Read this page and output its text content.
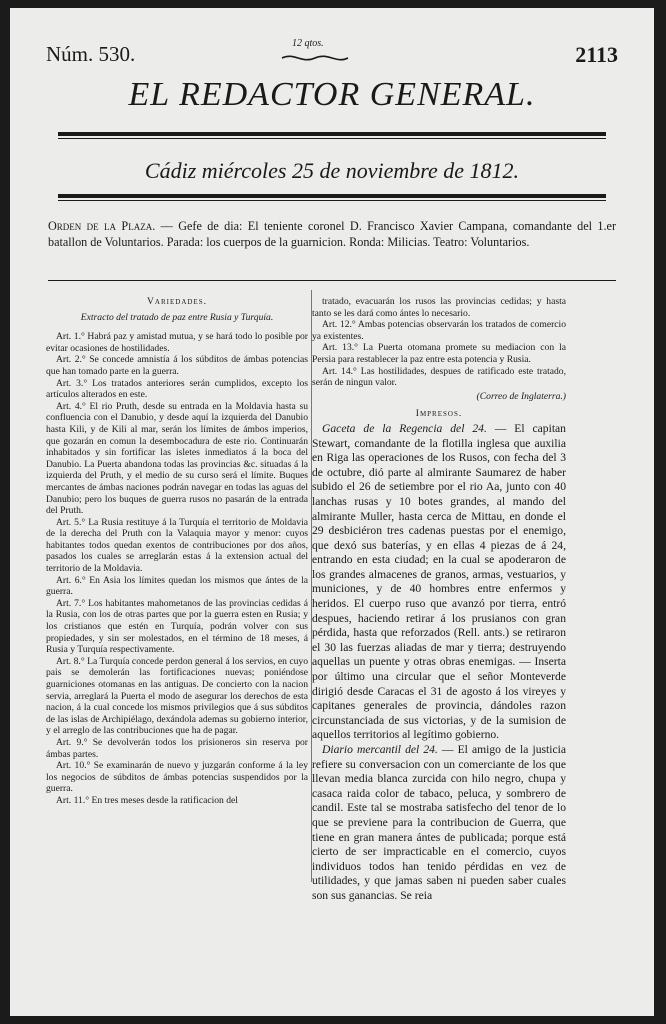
Núm. 530.	12 qtos.	2113
EL REDACTOR GENERAL.
Cádiz miércoles 25 de noviembre de 1812.
Orden de la Plaza. — Gefe de dia: El teniente coronel D. Francisco Xavier Campana, comandante del 1.er batallon de Voluntarios. Parada: los cuerpos de la guarnicion. Ronda: Milicias. Teatro: Voluntarios.
Variedades.
Extracto del tratado de paz entre Rusia y Turquía.
Art. 1.° Habrá paz y amistad mutua, y se hará todo lo posible por evitar ocasiones de hostilidades.
Art. 2.° Se concede amnistía á los súbditos de ámbas potencias que han tomado parte en la guerra.
Art. 3.° Los tratados anteriores serán cumplidos, excepto los artículos alterados en este.
Art. 4.° El rio Pruth, desde su entrada en la Moldavia hasta su confluencia con el Danubio, y desde aquí la izquierda del Danubio hasta Kili, y de Kili al mar, serán los límites de ámbos imperios, que gozarán en comun la desembocadura de este rio. Continuarán inhabitados y sin fortificar las isletes inmediatos á la boca del Danubio. La Puerta abandona todas las provincias &c. situadas á la izquierda del Pruth, y el medio de su curso será el límite. Buques mercantes de ámbas naciones podrán navegar en todas las aguas del Danubio; pero los buques de guerra rusos no pasarán de la entrada del Pruth.
Art. 5.° La Rusia restituye á la Turquía el territorio de Moldavia de la derecha del Pruth con la Valaquia mayor y menor: cuyos habitantes todos quedan exentos de contribuciones por dos años, pasados los cuales se arreglarán estas á la extension actual del territorio de la Moldavia.
Art. 6.° En Asia los límites quedan los mismos que ántes de la guerra.
Art. 7.° Los habitantes mahometanos de las provincias cedidas á la Rusia, con los de otras partes que por la guerra esten en Rusia; y los cristianos que estén en Turquía, podrán volver con sus propiedades, y sin ser molestados, en el término de 18 meses, á Rusia y Turquía respectivamente.
Art. 8.° La Turquía concede perdon general á los servios, en cuyo pais se demolerán las fortificaciones nuevas; poniéndose guarniciones otomanas en las antiguas. De concierto con la nacion servia, arreglará la Puerta el modo de asegurar los derechos de esta nacion, á la cual concede los mismos privilegios que á sus súbditos de las islas de Archipiélago, dexándola ademas su gobierno interior, y el arreglo de las contribuciones que ha de pagar.
Art. 9.° Se devolverán todos los prisioneros sin reserva por ámbas partes.
Art. 10.° Se examinarán de nuevo y juzgarán conforme á la ley los negocios de súbditos de ámbas potencias suspendidos por la guerra.
Art. 11.° En tres meses desde la ratificacion del
tratado, evacuarán los rusos las provincias cedidas; y hasta tanto se les dará como ántes lo necesario.
Art. 12.° Ambas potencias observarán los tratados de comercio ya existentes.
Art. 13.° La Puerta otomana promete su mediacion con la Persia para restablecer la paz entre esta potencia y Rusia.
Art. 14.° Las hostilidades, despues de ratificado este tratado, serán de ningun valor.
(Correo de Inglaterra.)
Impresos.
Gaceta de la Regencia del 24. — El capitan Stewart, comandante de la flotilla inglesa que auxilia en Riga las operaciones de los Rusos, con fecha del 3 de octubre, dió parte al almirante Saumarez de haber subido el 26 de setiembre por el rio Aa, junto con 40 lanchas rusas y 10 botes grandes, al mando del almirante Muller, hasta cerca de Mittau, en donde el 29 desbiciéron tres cadenas puestas por el enemigo, que dexó sus baterías, y en ellas 4 piezas de á 24, entrando en esta ciudad; en la cual se apoderaron de los grandes almacenes de granos, armas, vestuarios, y municiones, y de 40 hombres entre enfermos y heridos. El cuerpo ruso que avanzó por tierra, entró despues, haciendo retirar á los prusianos con gran pérdida, hasta que reforzados (Rell. ants.) se retiraron el 30 las fuerzas aliadas de mar y tierra; destruyendo aquellas un puente y otras obras enemigas. — Inserta por último una circular que el señor Monteverde dirigió desde Caracas el 31 de agosto á los vireyes y capitanes generales de provincia, dándoles razon circunstanciada de sus victorias, y de la sumision de aquellos territorios al legítimo gobierno.
Diario mercantil del 24. — El amigo de la justicia refiere su conversacion con un comerciante de los que llevan media blanca zurcida con hilo negro, chupa y casaca raida color de tabaco, peluca, y sombrero de candil. Este tal se mostraba satisfecho del tenor de lo que se previene para la contribucion de Guerra, que tiene en gran manera ántes de publicada; porque está cierto de ser impracticable en el comercio, cuyos individuos todos han tenido pérdidas en vez de utilidades, y que jamas saben ni pueden saber cuales son sus ganancias. Se reia
